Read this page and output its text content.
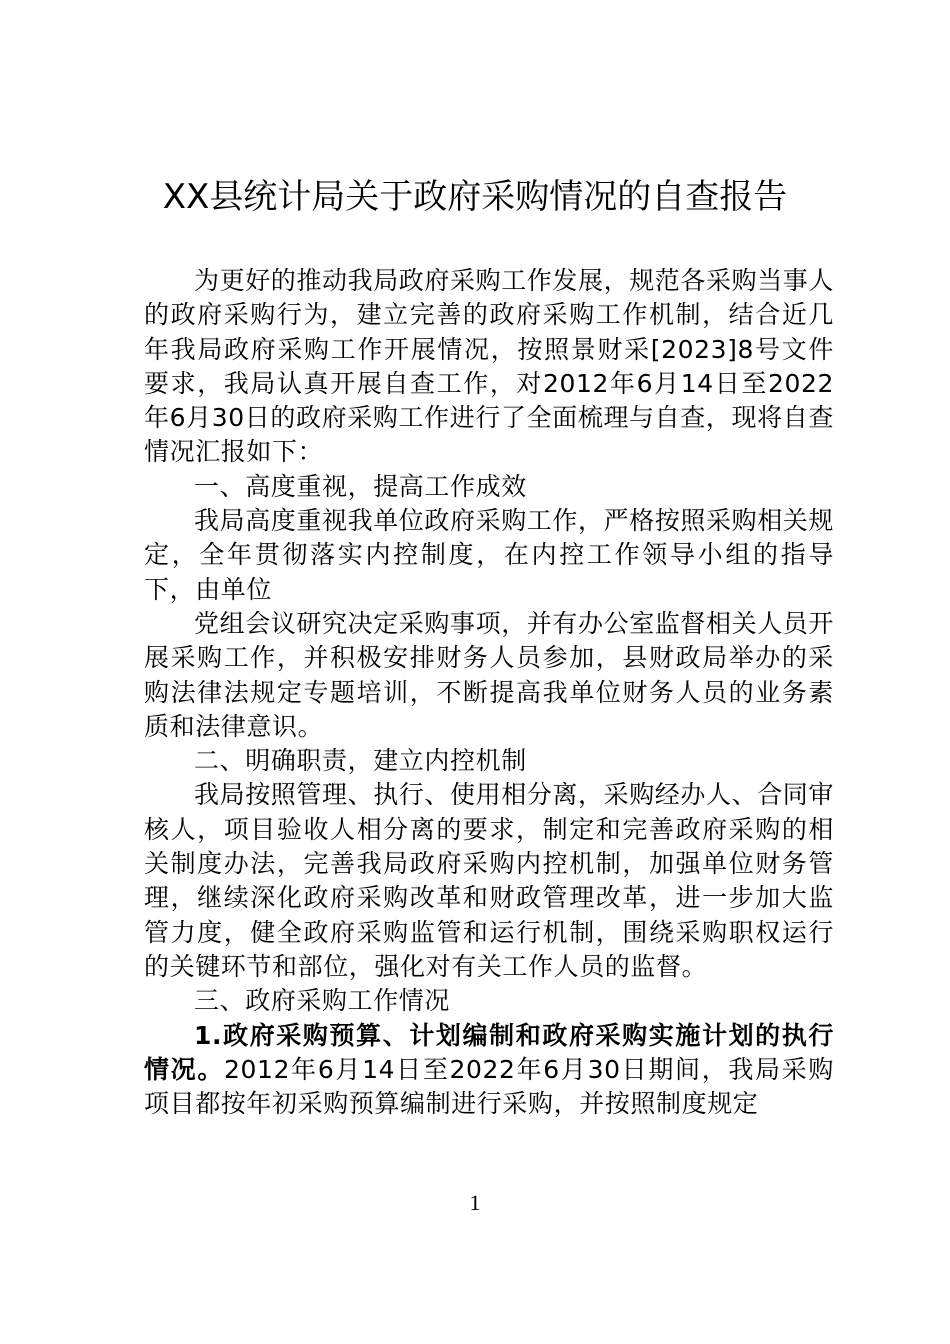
XX县统计局关于政府采购情况的自查报告

为更好的推动我局政府采购工作发展，规范各采购当事人的政府采购行为，建立完善的政府采购工作机制，结合近几年我局政府采购工作开展情况，按照景财采[2023]8号文件要求，我局认真开展自查工作，对2012年6月14日至2022年6月30日的政府采购工作进行了全面梳理与自查，现将自查情况汇报如下：

一、高度重视，提高工作成效

我局高度重视我单位政府采购工作，严格按照采购相关规定，全年贯彻落实内控制度，在内控工作领导小组的指导下，由单位

党组会议研究决定采购事项，并有办公室监督相关人员开展采购工作，并积极安排财务人员参加，县财政局举办的采购法律法规定专题培训，不断提高我单位财务人员的业务素质和法律意识。

二、明确职责，建立内控机制

我局按照管理、执行、使用相分离，采购经办人、合同审核人，项目验收人相分离的要求，制定和完善政府采购的相关制度办法，完善我局政府采购内控机制，加强单位财务管理，继续深化政府采购改革和财政管理改革，进一步加大监管力度，健全政府采购监管和运行机制，围绕采购职权运行的关键环节和部位，强化对有关工作人员的监督。

三、政府采购工作情况

1.政府采购预算、计划编制和政府采购实施计划的执行情况。2012年6月14日至2022年6月30日期间，我局采购项目都按年初采购预算编制进行采购，并按照制度规定

1
